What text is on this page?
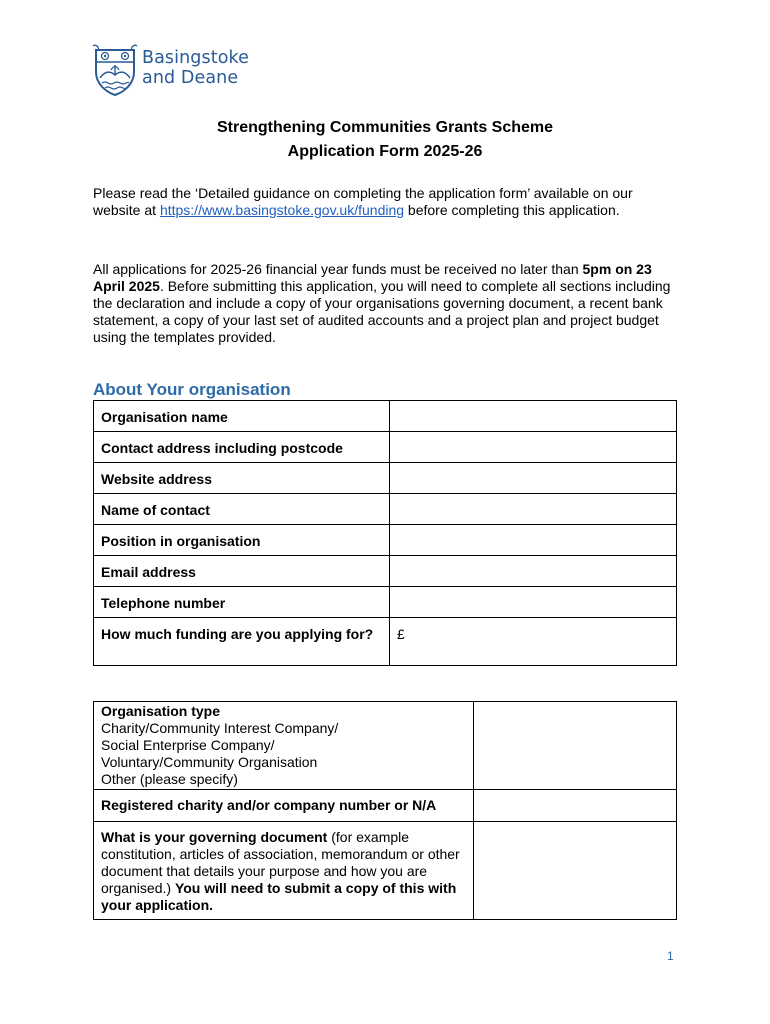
Basingstoke
and Deane
Strengthening Communities Grants Scheme
Application Form 2025-26
Please read the ‘Detailed guidance on completing the application form’ available on our website at https://www.basingstoke.gov.uk/funding before completing this application.
All applications for 2025-26 financial year funds must be received no later than 5pm on 23 April 2025. Before submitting this application, you will need to complete all sections including the declaration and include a copy of your organisations governing document, a recent bank statement, a copy of your last set of audited accounts and a project plan and project budget using the templates provided.
About Your organisation
Organisation name	
Contact address including postcode	
Website address	
Name of contact	
Position in organisation	
Email address	
Telephone number	
How much funding are you applying for?	£
Organisation type
Charity/Community Interest Company/
Social Enterprise Company/
Voluntary/Community Organisation
Other (please specify)	

Registered charity and/or company number or N/A	
What is your governing document (for example constitution, articles of association, memorandum or other document that details your purpose and how you are organised.) You will need to submit a copy of this with your application.	
1
